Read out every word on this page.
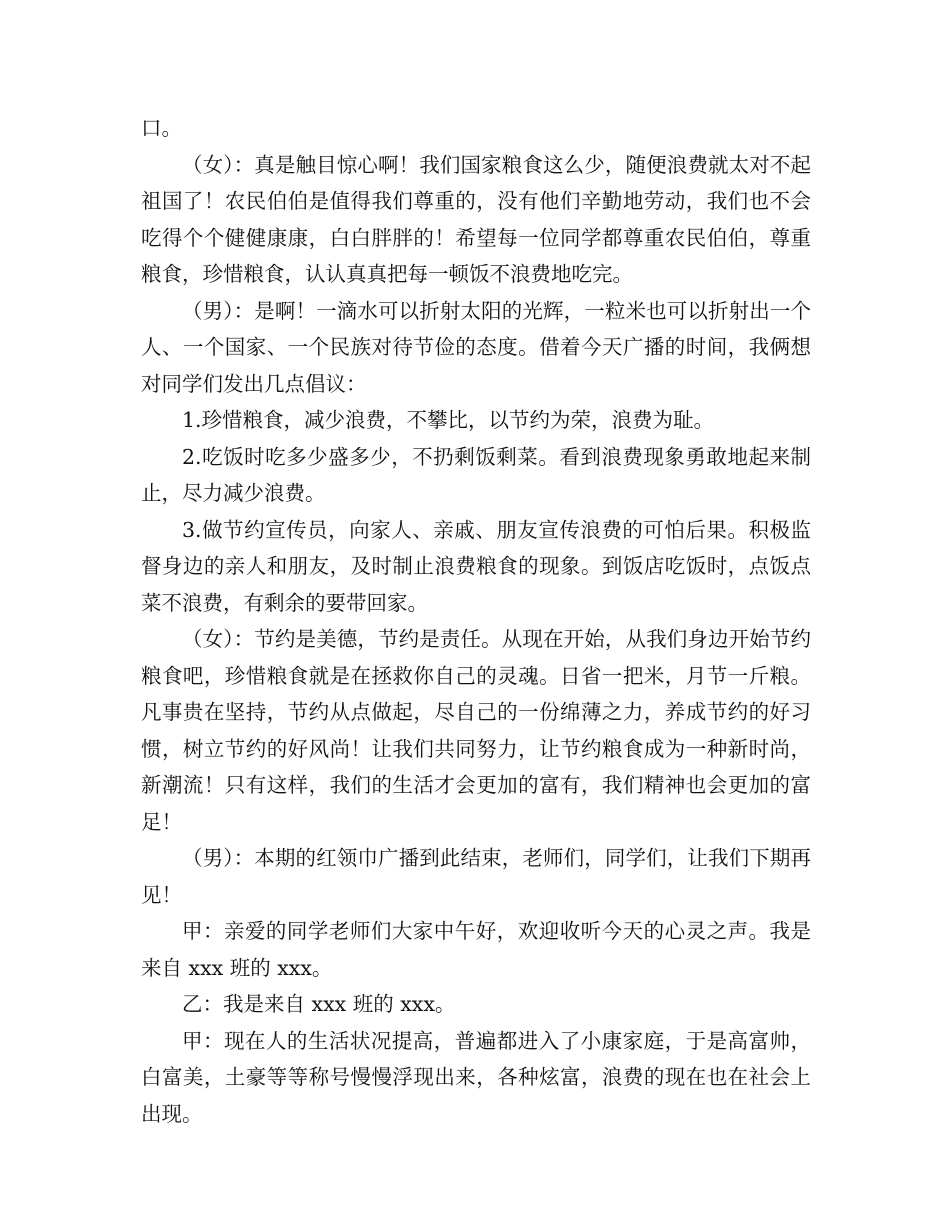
口。

（女）：真是触目惊心啊！我们国家粮食这么少，随便浪费就太对不起祖国了！农民伯伯是值得我们尊重的，没有他们辛勤地劳动，我们也不会吃得个个健健康康，白白胖胖的！希望每一位同学都尊重农民伯伯，尊重粮食，珍惜粮食，认认真真把每一顿饭不浪费地吃完。

（男）：是啊！一滴水可以折射太阳的光辉，一粒米也可以折射出一个人、一个国家、一个民族对待节俭的态度。借着今天广播的时间，我俩想对同学们发出几点倡议：

1.珍惜粮食，减少浪费，不攀比，以节约为荣，浪费为耻。

2.吃饭时吃多少盛多少，不扔剩饭剩菜。看到浪费现象勇敢地起来制止，尽力减少浪费。

3.做节约宣传员，向家人、亲戚、朋友宣传浪费的可怕后果。积极监督身边的亲人和朋友，及时制止浪费粮食的现象。到饭店吃饭时，点饭点菜不浪费，有剩余的要带回家。

（女）：节约是美德，节约是责任。从现在开始，从我们身边开始节约粮食吧，珍惜粮食就是在拯救你自己的灵魂。日省一把米，月节一斤粮。凡事贵在坚持，节约从点做起，尽自己的一份绵薄之力，养成节约的好习惯，树立节约的好风尚！让我们共同努力，让节约粮食成为一种新时尚，新潮流！只有这样，我们的生活才会更加的富有，我们精神也会更加的富足！

（男）：本期的红领巾广播到此结束，老师们，同学们，让我们下期再见！

甲：亲爱的同学老师们大家中午好，欢迎收听今天的心灵之声。我是来自 xxx 班的 xxx。

乙：我是来自 xxx 班的 xxx。

甲：现在人的生活状况提高，普遍都进入了小康家庭，于是高富帅，白富美，土豪等等称号慢慢浮现出来，各种炫富，浪费的现在也在社会上出现。
